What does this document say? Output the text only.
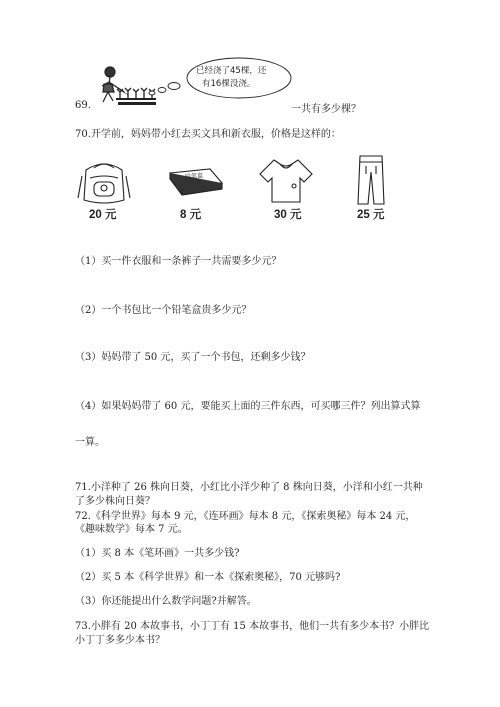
69.
已经浇了45棵，还
有16棵没浇。
一共有多少棵？
70.开学前，妈妈带小红去买文具和新衣服，价格是这样的：
20 元
铅笔盒
8 元	30 元	25 元
（1）买一件衣服和一条裤子一共需要多少元？
（2）一个书包比一个铅笔盒贵多少元？
（3）妈妈带了 50 元，买了一个书包，还剩多少钱？
（4）如果妈妈带了 60 元，要能买上面的三件东西，可买哪三件？列出算式算
一算。
71.小洋种了 26 株向日葵，小红比小洋少种了 8 株向日葵，小洋和小红一共种
了多少株向日葵？
72.《科学世界》每本 9 元，《连环画》每本 8 元，《探索奥秘》每本 24 元，
《趣味数学》每本 7 元。
（1）买 8 本《笔环画》一共多少钱?
（2）买 5 本《科学世界》和一本《探索奥秘》，70 元够吗?
（3）你还能提出什么数学问题?并解答。
73.小胖有 20 本故事书，小丁丁有 15 本故事书，他们一共有多少本书？小胖比
小丁丁多多少本书？
